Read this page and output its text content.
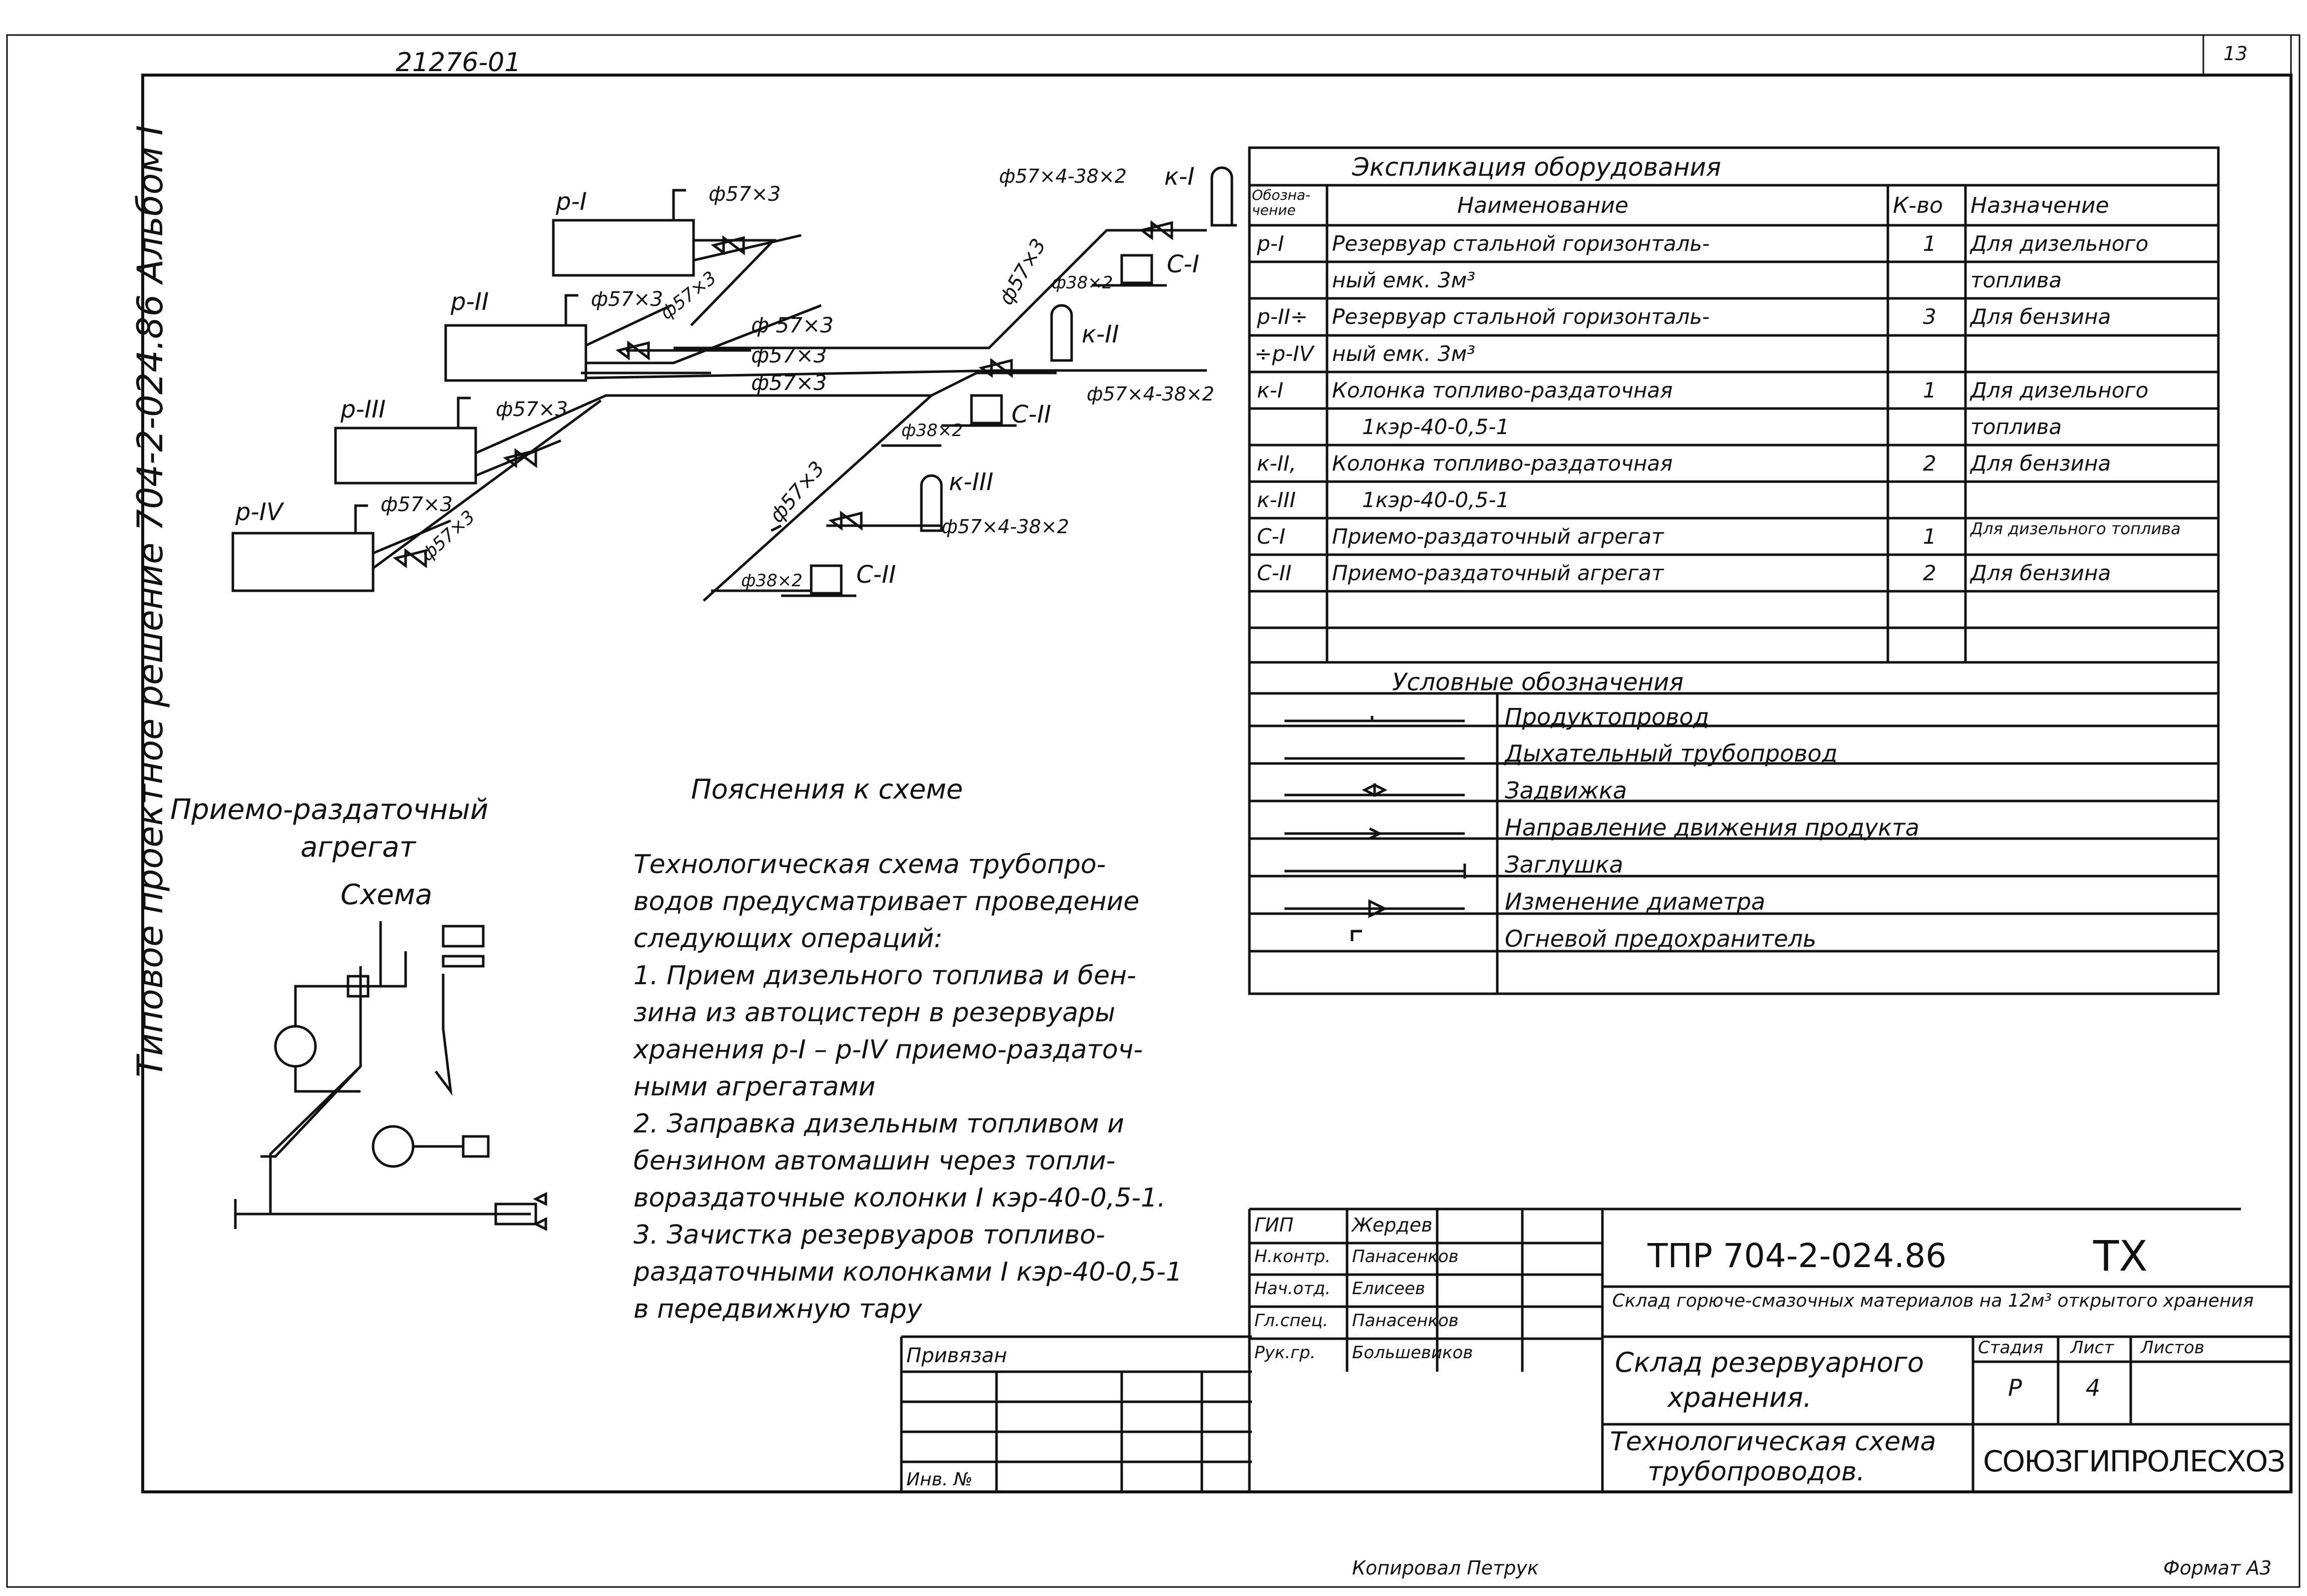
21276-01	13
Типовое проектное решение 704-2-024.86 Альбом I	р-I
р-II
р-III
р-IV
к-I
к-II
к-III
С-I
С-II
С-II
ф57×3
ф57×3
ф57×3
ф57×3
ф57×3
ф57×3
ф 57×3
ф57×3
ф57×3
ф57×3
ф57×3
ф38×2
ф38×2
ф38×2
ф57×4-38×2
ф57×4-38×2
ф57×4-38×2
Экспликация оборудования
Обозна-чение	Наименование	К-во Назначение
р-I Резервуар стальной горизонталь-	1 Для дизельного
ный емк. 3м³	топлива
р-II÷ Резервуар стальной горизонталь-	3 Для бензина
÷р-IV ный емк. 3м³
к-I Колонка топливо-раздаточная	1 Для дизельного
1кэр-40-0,5-1	топлива
к-II, Колонка топливо-раздаточная	2 Для бензина
к-III	1кэр-40-0,5-1
С-I Приемо-раздаточный агрегат	1 Для дизельного топлива
С-II Приемо-раздаточный агрегат	2 Для бензина
Условные обозначения
Продуктопровод
Дыхательный трубопровод
Задвижка
Направление движения продукта
Заглушка
Изменение диаметра
Огневой предохранитель
Пояснения к схеме
Технологическая схема трубопро-
водов предусматривает проведение
следующих операций:
1. Прием дизельного топлива и бен-
зина из автоцистерн в резервуары
хранения р-I – р-IV приемо-раздаточ-
ными агрегатами
2. Заправка дизельным топливом и
бензином автомашин через топли-
вораздаточные колонки I кэр-40-0,5-1.
3. Зачистка резервуаров топливо-
раздаточными колонками I кэр-40-0,5-1
в передвижную тару
Приемо-раздаточный
агрегат
Схема
ГИП	Жердев
Н.контр. Панасенков
Нач.отд. Елисеев
Гл.спец. Панасенков
Рук.гр. Большевиков
ТПР 704-2-024.86	ТХ
Склад горюче-смазочных материалов на 12м³ открытого хранения
Склад резервуарного
хранения.
Стадия Лист Листов
Р	4
Технологическая схема
трубопроводов.	СОЮЗГИПРОЛЕСХОЗ
Привязан
Инв. №
Копировал Петрук	Формат А3
